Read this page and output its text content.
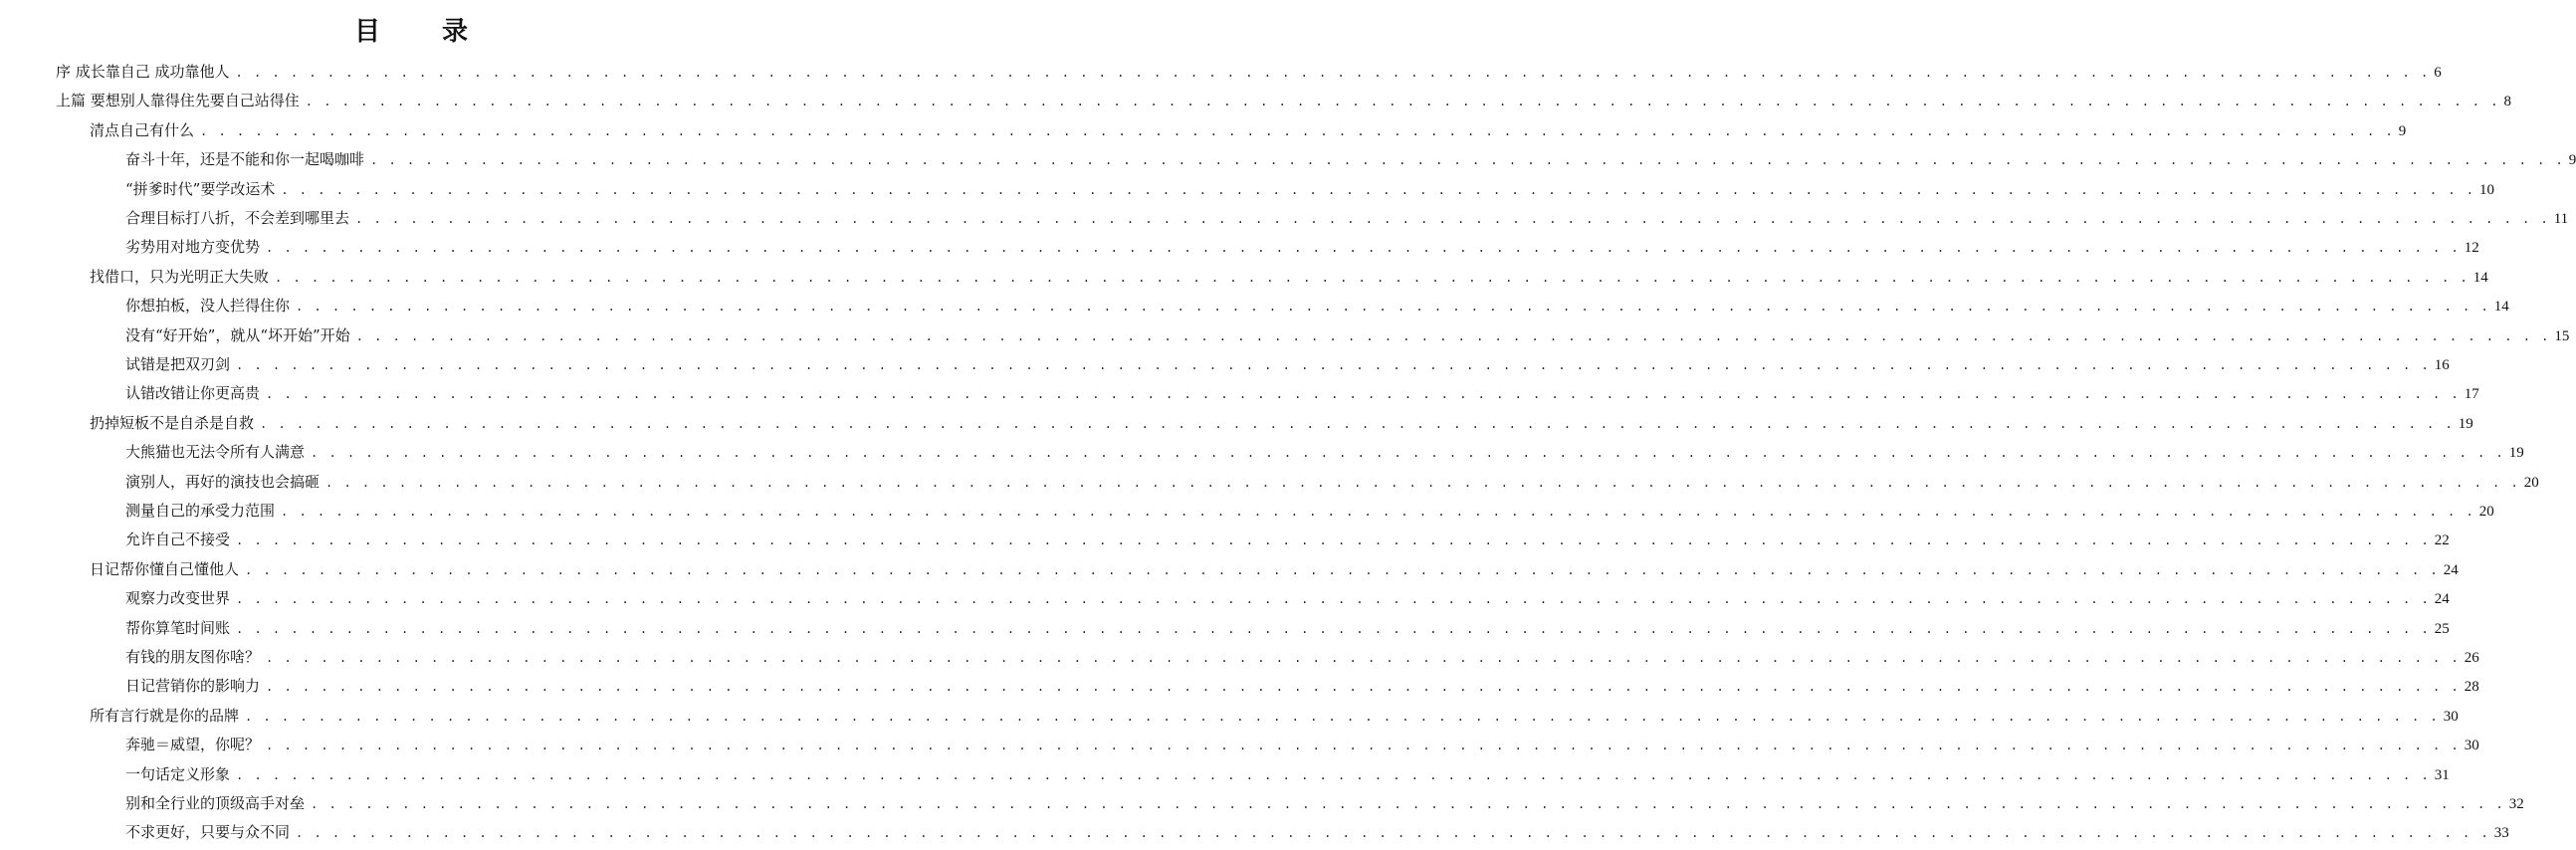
目　录
序 成长靠自己 成功靠他人 . . . . . . . . . . . . . . . . . . . . . . . . . . . . . . . . . . . . . . . . . . . . . . . . . . . . . . . . . . . . . . . . . . . . . . . . . . . . . . . . . . . . . . . . . . . . . . . . . . . . . . . . . . . . . . . . . . . . . . . . 6
上篇 要想别人靠得住先要自己站得住 . . . . . . . . . . . . . . . . . . . . . . . . . . . . . . . . . . . . . . . . . . . . . . . . . . . . . . . . . . . . . . . . . . . . . . . . . . . . . . . . . . . . . . . . . . . . . . . . . . . . . . . . . . . . . . . . . . . . . . . . 8
清点自己有什么 . . . . . . . . . . . . . . . . . . . . . . . . . . . . . . . . . . . . . . . . . . . . . . . . . . . . . . . . . . . . . . . . . . . . . . . . . . . . . . . . . . . . . . . . . . . . . . . . . . . . . . . . . . . . . . . . . . . . . . . . 9
奋斗十年，还是不能和你一起喝咖啡 . . . . . . . . . . . . . . . . . . . . . . . . . . . . . . . . . . . . . . . . . . . . . . . . . . . . . . . . . . . . . . . . . . . . . . . . . . . . . . . . . . . . . . . . . . . . . . . . . . . . . . . . . . . . . . . . . . . . . . . . 9
“拼爹时代”要学改运术 . . . . . . . . . . . . . . . . . . . . . . . . . . . . . . . . . . . . . . . . . . . . . . . . . . . . . . . . . . . . . . . . . . . . . . . . . . . . . . . . . . . . . . . . . . . . . . . . . . . . . . . . . . . . . . . . . . . . . . . . 10
合理目标打八折，不会差到哪里去 . . . . . . . . . . . . . . . . . . . . . . . . . . . . . . . . . . . . . . . . . . . . . . . . . . . . . . . . . . . . . . . . . . . . . . . . . . . . . . . . . . . . . . . . . . . . . . . . . . . . . . . . . . . . . . . . . . . . . . . . 11
劣势用对地方变优势 . . . . . . . . . . . . . . . . . . . . . . . . . . . . . . . . . . . . . . . . . . . . . . . . . . . . . . . . . . . . . . . . . . . . . . . . . . . . . . . . . . . . . . . . . . . . . . . . . . . . . . . . . . . . . . . . . . . . . . . . 12
找借口，只为光明正大失败 . . . . . . . . . . . . . . . . . . . . . . . . . . . . . . . . . . . . . . . . . . . . . . . . . . . . . . . . . . . . . . . . . . . . . . . . . . . . . . . . . . . . . . . . . . . . . . . . . . . . . . . . . . . . . . . . . . . . . . . . 14
你想拍板，没人拦得住你 . . . . . . . . . . . . . . . . . . . . . . . . . . . . . . . . . . . . . . . . . . . . . . . . . . . . . . . . . . . . . . . . . . . . . . . . . . . . . . . . . . . . . . . . . . . . . . . . . . . . . . . . . . . . . . . . . . . . . . . . 14
没有“好开始”，就从“坏开始”开始 . . . . . . . . . . . . . . . . . . . . . . . . . . . . . . . . . . . . . . . . . . . . . . . . . . . . . . . . . . . . . . . . . . . . . . . . . . . . . . . . . . . . . . . . . . . . . . . . . . . . . . . . . . . . . . . . . . . . . . . . 15
试错是把双刃剑 . . . . . . . . . . . . . . . . . . . . . . . . . . . . . . . . . . . . . . . . . . . . . . . . . . . . . . . . . . . . . . . . . . . . . . . . . . . . . . . . . . . . . . . . . . . . . . . . . . . . . . . . . . . . . . . . . . . . . . . . 16
认错改错让你更高贵 . . . . . . . . . . . . . . . . . . . . . . . . . . . . . . . . . . . . . . . . . . . . . . . . . . . . . . . . . . . . . . . . . . . . . . . . . . . . . . . . . . . . . . . . . . . . . . . . . . . . . . . . . . . . . . . . . . . . . . . . 17
扔掉短板不是自杀是自救 . . . . . . . . . . . . . . . . . . . . . . . . . . . . . . . . . . . . . . . . . . . . . . . . . . . . . . . . . . . . . . . . . . . . . . . . . . . . . . . . . . . . . . . . . . . . . . . . . . . . . . . . . . . . . . . . . . . . . . . . 19
大熊猫也无法令所有人满意 . . . . . . . . . . . . . . . . . . . . . . . . . . . . . . . . . . . . . . . . . . . . . . . . . . . . . . . . . . . . . . . . . . . . . . . . . . . . . . . . . . . . . . . . . . . . . . . . . . . . . . . . . . . . . . . . . . . . . . . . 19
演别人，再好的演技也会搞砸 . . . . . . . . . . . . . . . . . . . . . . . . . . . . . . . . . . . . . . . . . . . . . . . . . . . . . . . . . . . . . . . . . . . . . . . . . . . . . . . . . . . . . . . . . . . . . . . . . . . . . . . . . . . . . . . . . . . . . . . . 20
测量自己的承受力范围 . . . . . . . . . . . . . . . . . . . . . . . . . . . . . . . . . . . . . . . . . . . . . . . . . . . . . . . . . . . . . . . . . . . . . . . . . . . . . . . . . . . . . . . . . . . . . . . . . . . . . . . . . . . . . . . . . . . . . . . . 20
允许自己不接受 . . . . . . . . . . . . . . . . . . . . . . . . . . . . . . . . . . . . . . . . . . . . . . . . . . . . . . . . . . . . . . . . . . . . . . . . . . . . . . . . . . . . . . . . . . . . . . . . . . . . . . . . . . . . . . . . . . . . . . . . 22
日记帮你懂自己懂他人 . . . . . . . . . . . . . . . . . . . . . . . . . . . . . . . . . . . . . . . . . . . . . . . . . . . . . . . . . . . . . . . . . . . . . . . . . . . . . . . . . . . . . . . . . . . . . . . . . . . . . . . . . . . . . . . . . . . . . . . . 24
观察力改变世界 . . . . . . . . . . . . . . . . . . . . . . . . . . . . . . . . . . . . . . . . . . . . . . . . . . . . . . . . . . . . . . . . . . . . . . . . . . . . . . . . . . . . . . . . . . . . . . . . . . . . . . . . . . . . . . . . . . . . . . . . 24
帮你算笔时间账 . . . . . . . . . . . . . . . . . . . . . . . . . . . . . . . . . . . . . . . . . . . . . . . . . . . . . . . . . . . . . . . . . . . . . . . . . . . . . . . . . . . . . . . . . . . . . . . . . . . . . . . . . . . . . . . . . . . . . . . . 25
有钱的朋友图你啥？ . . . . . . . . . . . . . . . . . . . . . . . . . . . . . . . . . . . . . . . . . . . . . . . . . . . . . . . . . . . . . . . . . . . . . . . . . . . . . . . . . . . . . . . . . . . . . . . . . . . . . . . . . . . . . . . . . . . . . . . . 26
日记营销你的影响力 . . . . . . . . . . . . . . . . . . . . . . . . . . . . . . . . . . . . . . . . . . . . . . . . . . . . . . . . . . . . . . . . . . . . . . . . . . . . . . . . . . . . . . . . . . . . . . . . . . . . . . . . . . . . . . . . . . . . . . . . 28
所有言行就是你的品牌 . . . . . . . . . . . . . . . . . . . . . . . . . . . . . . . . . . . . . . . . . . . . . . . . . . . . . . . . . . . . . . . . . . . . . . . . . . . . . . . . . . . . . . . . . . . . . . . . . . . . . . . . . . . . . . . . . . . . . . . . 30
奔驰＝威望，你呢？ . . . . . . . . . . . . . . . . . . . . . . . . . . . . . . . . . . . . . . . . . . . . . . . . . . . . . . . . . . . . . . . . . . . . . . . . . . . . . . . . . . . . . . . . . . . . . . . . . . . . . . . . . . . . . . . . . . . . . . . . 30
一句话定义形象 . . . . . . . . . . . . . . . . . . . . . . . . . . . . . . . . . . . . . . . . . . . . . . . . . . . . . . . . . . . . . . . . . . . . . . . . . . . . . . . . . . . . . . . . . . . . . . . . . . . . . . . . . . . . . . . . . . . . . . . . 31
别和全行业的顶级高手对垒 . . . . . . . . . . . . . . . . . . . . . . . . . . . . . . . . . . . . . . . . . . . . . . . . . . . . . . . . . . . . . . . . . . . . . . . . . . . . . . . . . . . . . . . . . . . . . . . . . . . . . . . . . . . . . . . . . . . . . . . . 32
不求更好，只要与众不同 . . . . . . . . . . . . . . . . . . . . . . . . . . . . . . . . . . . . . . . . . . . . . . . . . . . . . . . . . . . . . . . . . . . . . . . . . . . . . . . . . . . . . . . . . . . . . . . . . . . . . . . . . . . . . . . . . . . . . . . . 33
